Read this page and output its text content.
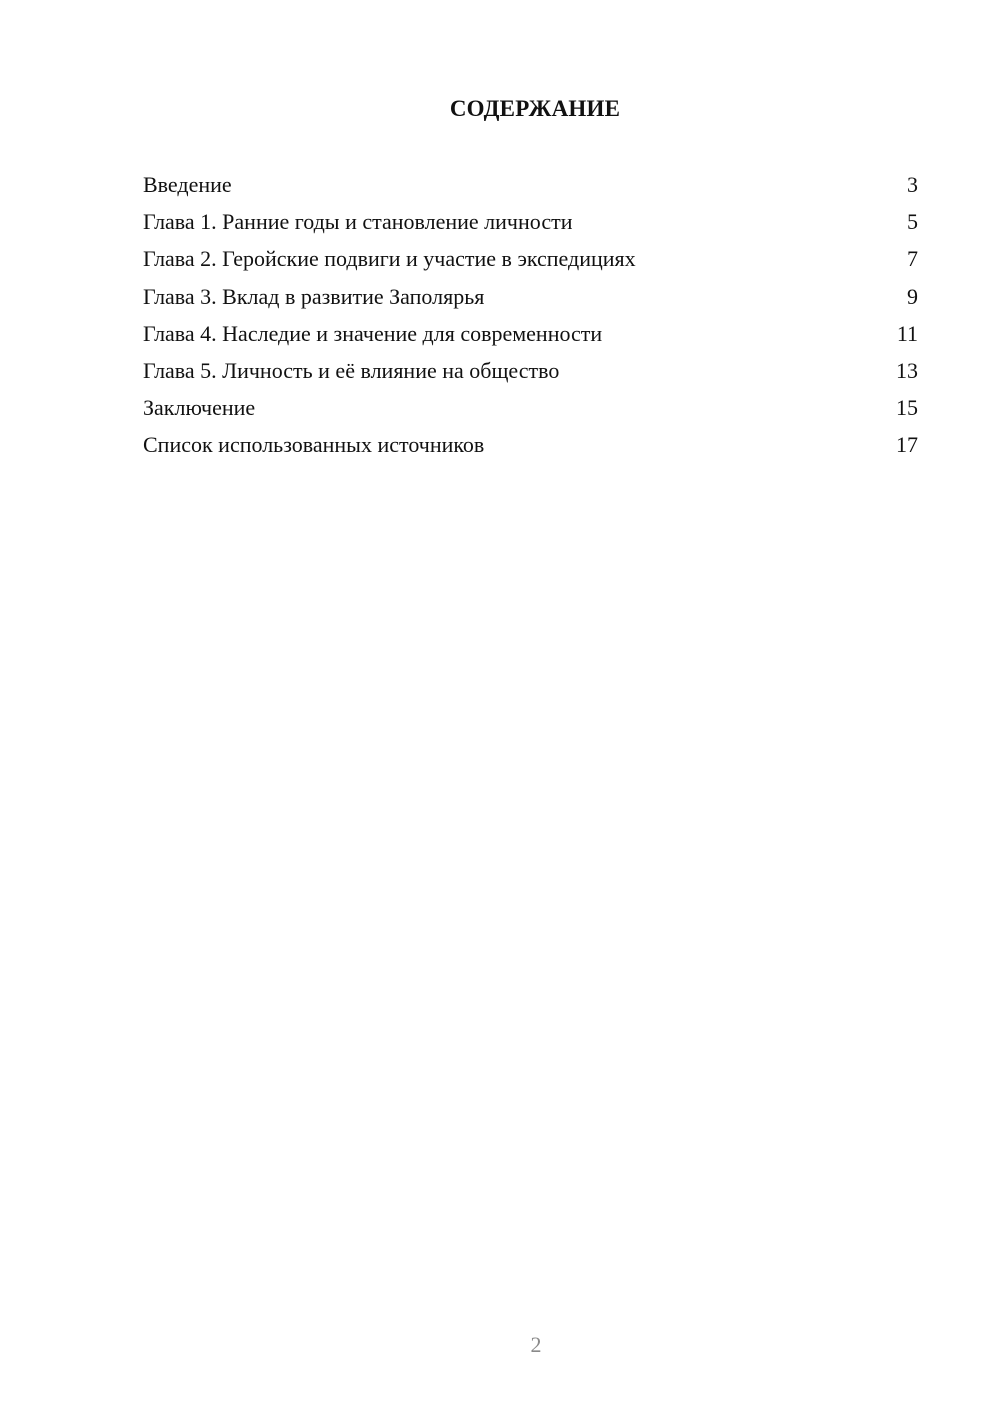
СОДЕРЖАНИЕ
Введение	3
Глава 1. Ранние годы и становление личности	5
Глава 2. Геройские подвиги и участие в экспедициях	7
Глава 3. Вклад в развитие Заполярья	9
Глава 4. Наследие и значение для современности	11
Глава 5. Личность и её влияние на общество	13
Заключение	15
Список использованных источников	17
2
